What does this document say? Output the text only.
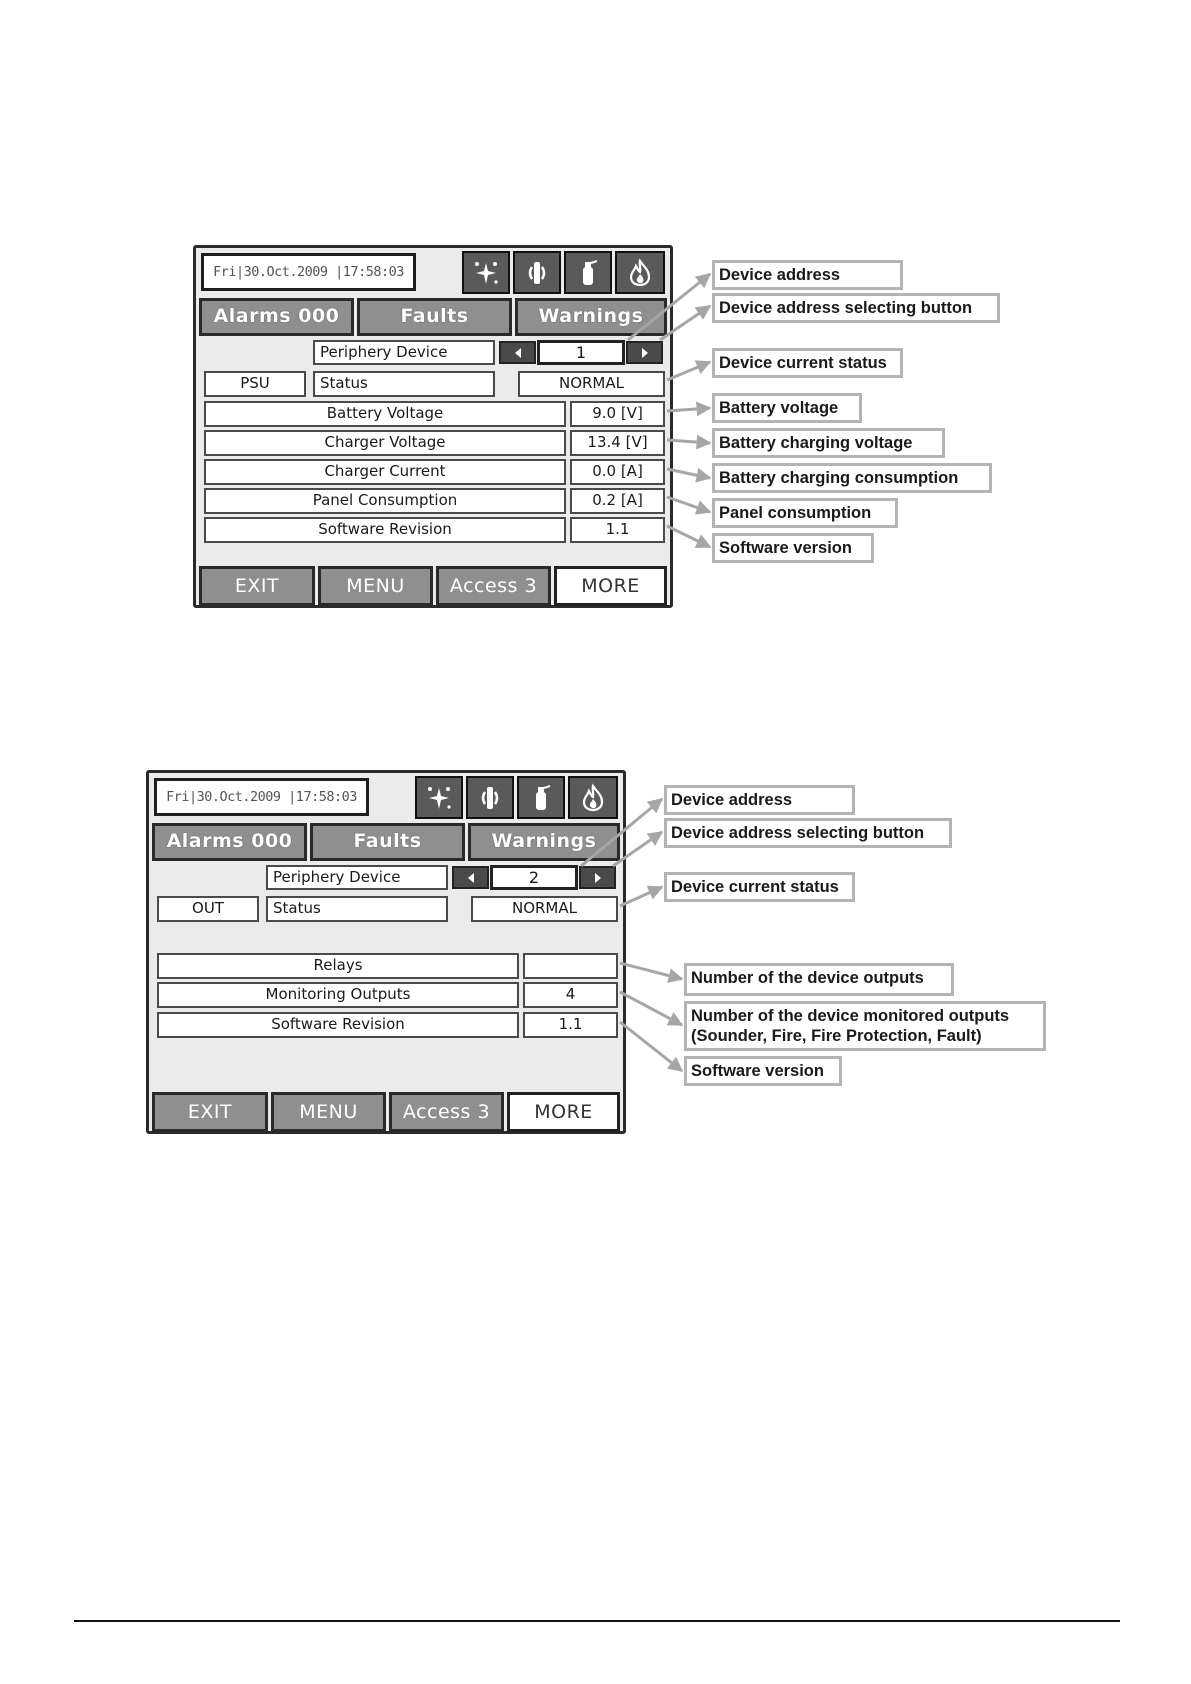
Fri|30.Oct.2009 |17:58:03
Alarms 000	Faults	Warnings
Periphery Device	1
PSU	Status	NORMAL
Battery Voltage	9.0 [V]
Charger Voltage	13.4 [V]
Charger Current	0.0 [A]
Panel Consumption	0.2 [A]
Software Revision	1.1
EXIT	MENU	Access 3	MORE
Device address
Device address selecting button
Device current status
Battery voltage
Battery charging voltage
Battery charging consumption
Panel consumption
Software version
Fri|30.Oct.2009 |17:58:03
Alarms 000	Faults	Warnings
Periphery Device	2
OUT	Status	NORMAL
Relays
Monitoring Outputs	4
Software Revision	1.1
EXIT	MENU	Access 3	MORE
Device address
Device address selecting button
Device current status
Number of the device outputs
Number of the device monitored outputs
(Sounder, Fire, Fire Protection, Fault)
Software version
